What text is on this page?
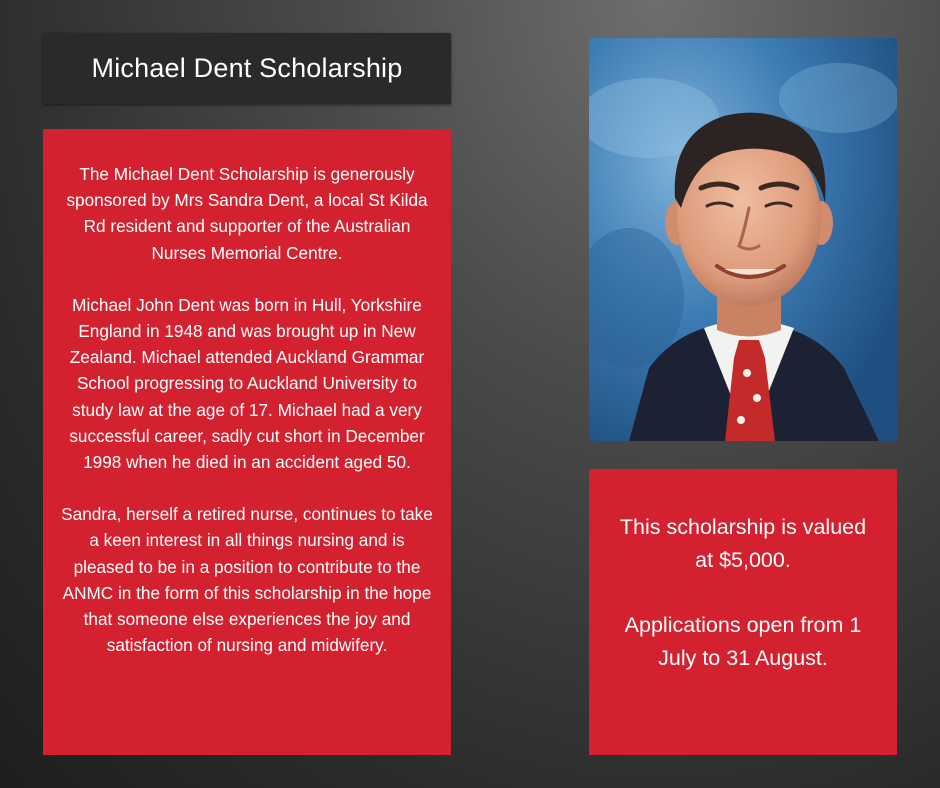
Michael Dent Scholarship

The Michael Dent Scholarship is generously sponsored by Mrs Sandra Dent, a local St Kilda Rd resident and supporter of the Australian Nurses Memorial Centre.

Michael John Dent was born in Hull, Yorkshire England in 1948 and was brought up in New Zealand. Michael attended Auckland Grammar School progressing to Auckland University to study law at the age of 17. Michael had a very successful career, sadly cut short in December 1998 when he died in an accident aged 50.

Sandra, herself a retired nurse, continues to take a keen interest in all things nursing and is pleased to be in a position to contribute to the ANMC in the form of this scholarship in the hope that someone else experiences the joy and satisfaction of nursing and midwifery.

This scholarship is valued at $5,000.

Applications open from 1 July to 31 August.
